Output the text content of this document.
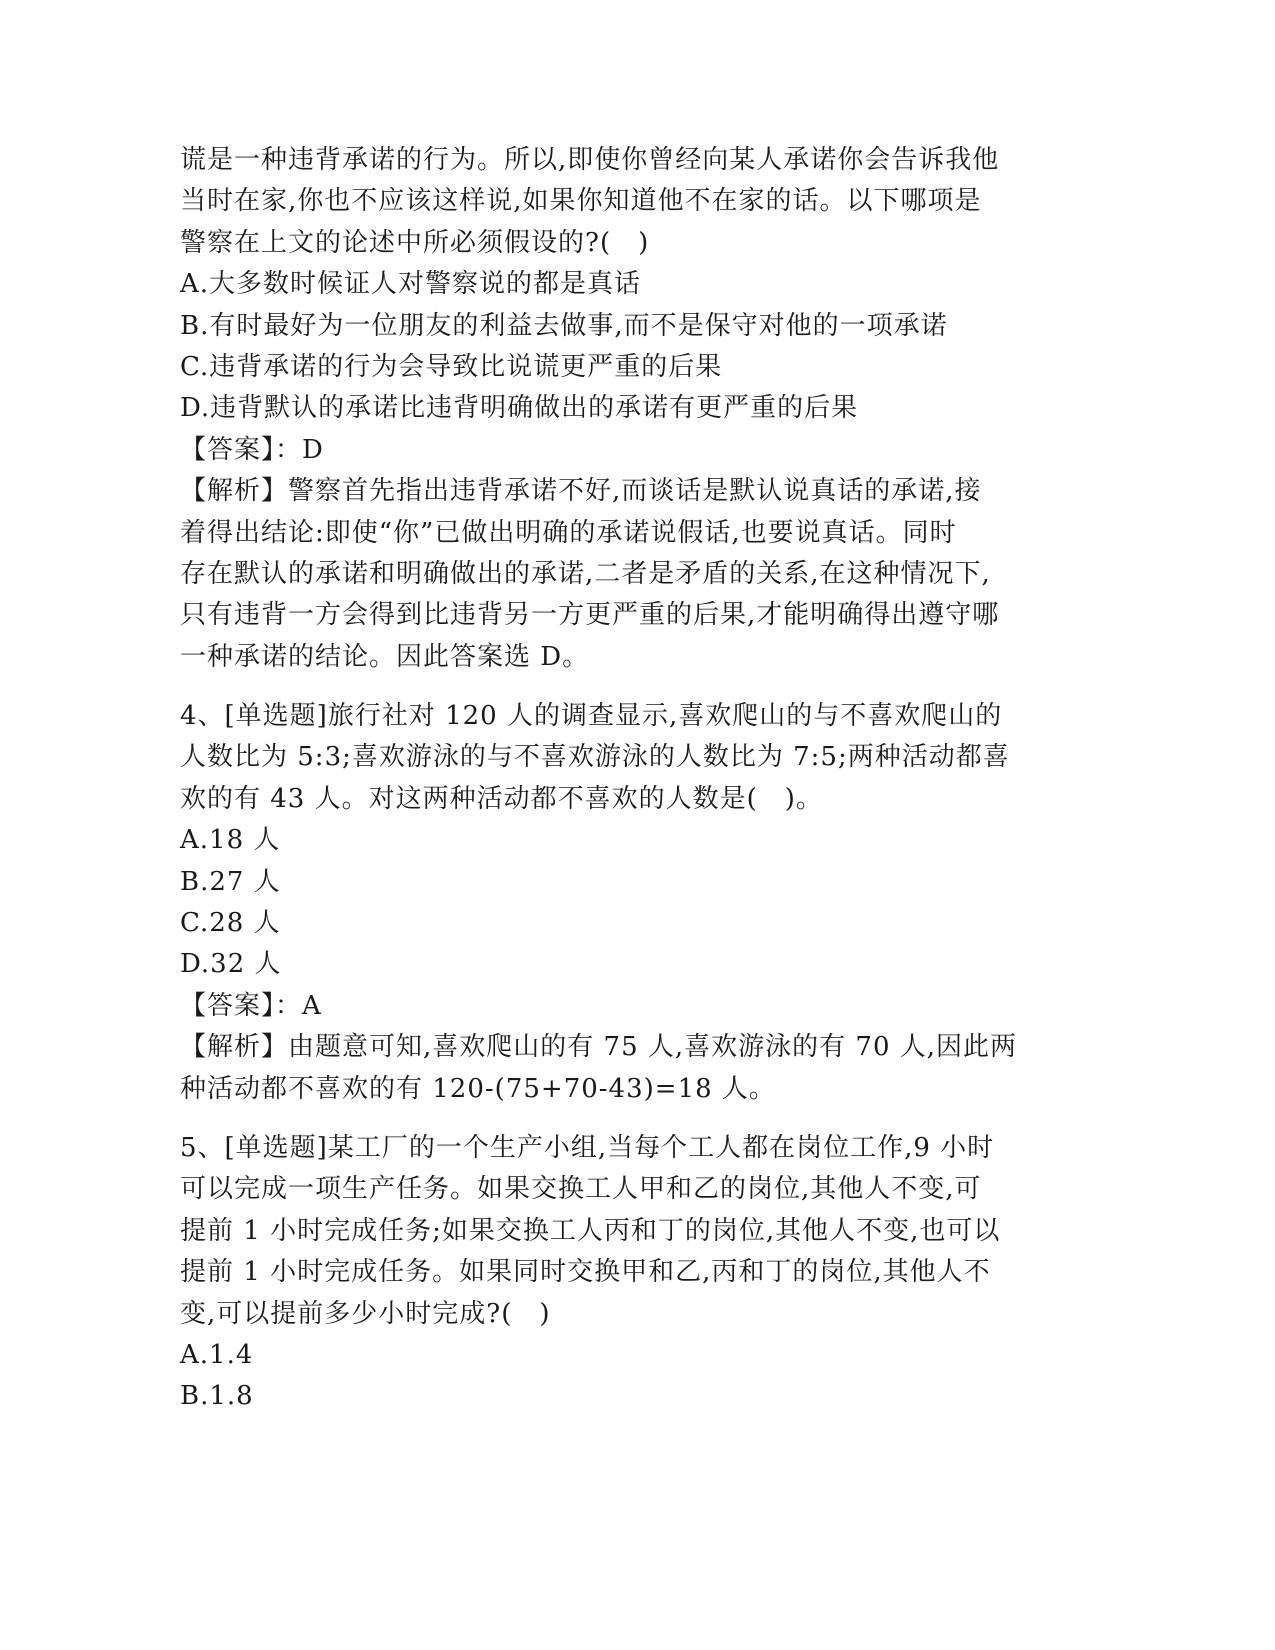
谎是一种违背承诺的行为。所以,即使你曾经向某人承诺你会告诉我他
当时在家,你也不应该这样说,如果你知道他不在家的话。以下哪项是
警察在上文的论述中所必须假设的?(　)
A.大多数时候证人对警察说的都是真话
B.有时最好为一位朋友的利益去做事,而不是保守对他的一项承诺
C.违背承诺的行为会导致比说谎更严重的后果
D.违背默认的承诺比违背明确做出的承诺有更严重的后果
【答案】：D
【解析】警察首先指出违背承诺不好,而谈话是默认说真话的承诺,接
着得出结论:即使“你”已做出明确的承诺说假话,也要说真话。同时
存在默认的承诺和明确做出的承诺,二者是矛盾的关系,在这种情况下,
只有违背一方会得到比违背另一方更严重的后果,才能明确得出遵守哪
一种承诺的结论。因此答案选 D。
4、[单选题]旅行社对 120 人的调查显示,喜欢爬山的与不喜欢爬山的
人数比为 5:3;喜欢游泳的与不喜欢游泳的人数比为 7:5;两种活动都喜
欢的有 43 人。对这两种活动都不喜欢的人数是(　)。
A.18 人
B.27 人
C.28 人
D.32 人
【答案】：A
【解析】由题意可知,喜欢爬山的有 75 人,喜欢游泳的有 70 人,因此两
种活动都不喜欢的有 120-(75+70-43)=18 人。
5、[单选题]某工厂的一个生产小组,当每个工人都在岗位工作,9 小时
可以完成一项生产任务。如果交换工人甲和乙的岗位,其他人不变,可
提前 1 小时完成任务;如果交换工人丙和丁的岗位,其他人不变,也可以
提前 1 小时完成任务。如果同时交换甲和乙,丙和丁的岗位,其他人不
变,可以提前多少小时完成?(　)
A.1.4
B.1.8
